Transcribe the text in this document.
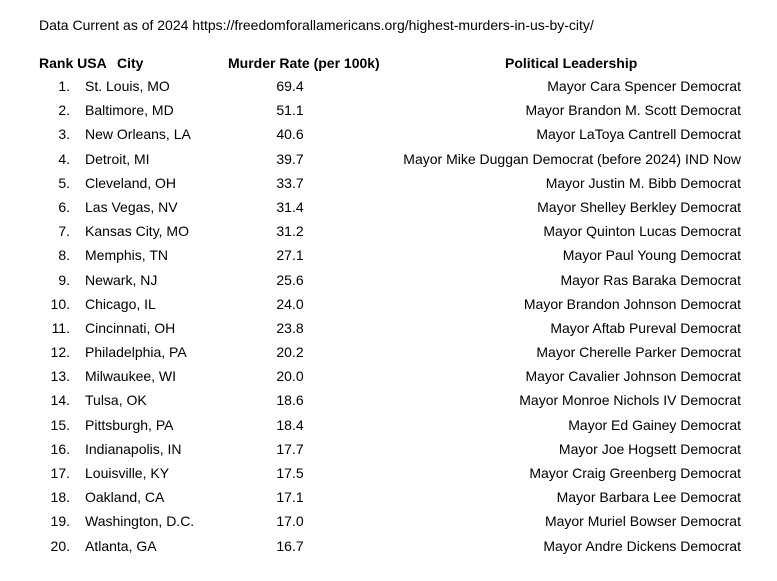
Data Current as of 2024 https://freedomforallamericans.org/highest-murders-in-us-by-city/
Rank USA City	Murder Rate (per 100k)	Political Leadership
1. St. Louis, MO	69.4	Mayor Cara Spencer Democrat
2. Baltimore, MD	51.1	Mayor Brandon M. Scott Democrat
3. New Orleans, LA	40.6	Mayor LaToya Cantrell Democrat
4. Detroit, MI	39.7	Mayor Mike Duggan Democrat (before 2024) IND Now
5. Cleveland, OH	33.7	Mayor Justin M. Bibb Democrat
6. Las Vegas, NV	31.4	Mayor Shelley Berkley Democrat
7. Kansas City, MO	31.2	Mayor Quinton Lucas Democrat
8. Memphis, TN	27.1	Mayor Paul Young Democrat
9. Newark, NJ	25.6	Mayor Ras Baraka Democrat
10. Chicago, IL	24.0	Mayor Brandon Johnson Democrat
11. Cincinnati, OH	23.8	Mayor Aftab Pureval Democrat
12. Philadelphia, PA	20.2	Mayor Cherelle Parker Democrat
13. Milwaukee, WI	20.0	Mayor Cavalier Johnson Democrat
14. Tulsa, OK	18.6	Mayor Monroe Nichols IV Democrat
15. Pittsburgh, PA	18.4	Mayor Ed Gainey Democrat
16. Indianapolis, IN	17.7	Mayor Joe Hogsett Democrat
17. Louisville, KY	17.5	Mayor Craig Greenberg Democrat
18. Oakland, CA	17.1	Mayor Barbara Lee Democrat
19. Washington, D.C.	17.0	Mayor Muriel Bowser Democrat
20. Atlanta, GA	16.7	Mayor Andre Dickens Democrat
